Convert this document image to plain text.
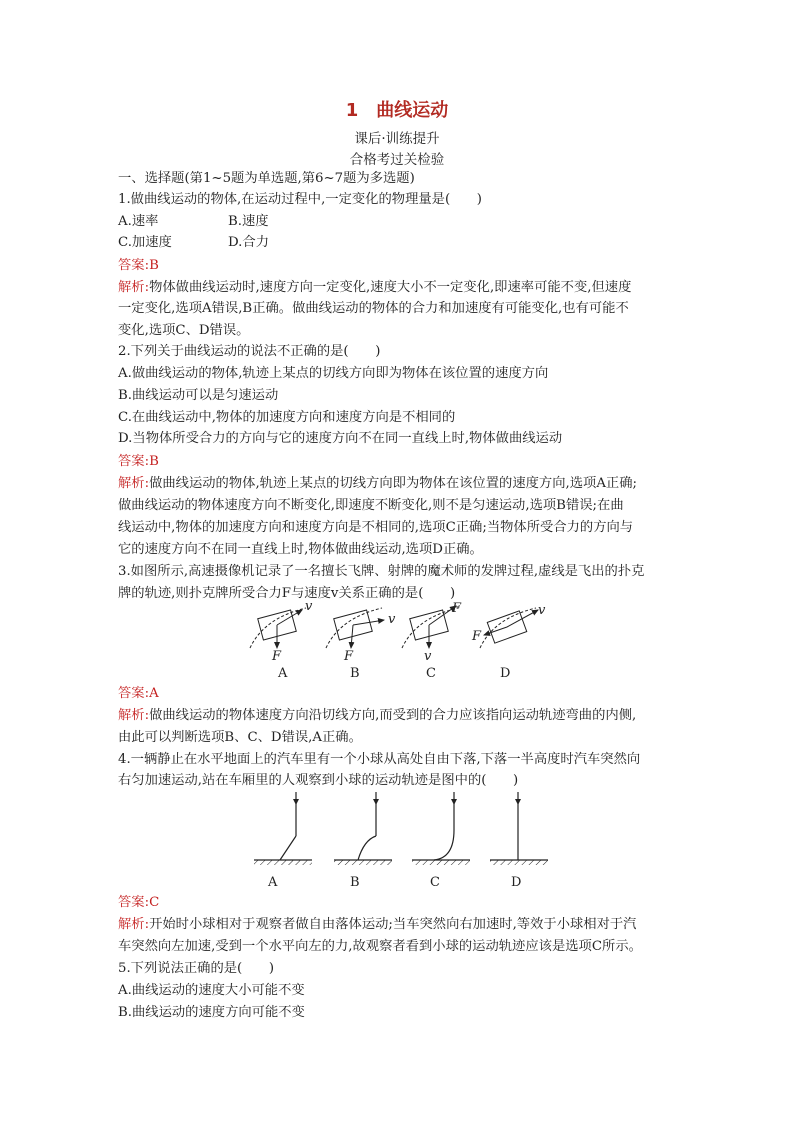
1　曲线运动
课后·训练提升
合格考过关检验
一、选择题(第1~5题为单选题,第6~7题为多选题)
1.做曲线运动的物体,在运动过程中,一定变化的物理量是(　　)
A.速率	B.速度
C.加速度	D.合力
答案:B
解析:物体做曲线运动时,速度方向一定变化,速度大小不一定变化,即速率可能不变,但速度
一定变化,选项A错误,B正确。做曲线运动的物体的合力和加速度有可能变化,也有可能不
变化,选项C、D错误。
2.下列关于曲线运动的说法不正确的是(　　)
A.做曲线运动的物体,轨迹上某点的切线方向即为物体在该位置的速度方向
B.曲线运动可以是匀速运动
C.在曲线运动中,物体的加速度方向和速度方向是不相同的
D.当物体所受合力的方向与它的速度方向不在同一直线上时,物体做曲线运动
答案:B
解析:做曲线运动的物体,轨迹上某点的切线方向即为物体在该位置的速度方向,选项A正确;
做曲线运动的物体速度方向不断变化,即速度不断变化,则不是匀速运动,选项B错误;在曲
线运动中,物体的加速度方向和速度方向是不相同的,选项C正确;当物体所受合力的方向与
它的速度方向不在同一直线上时,物体做曲线运动,选项D正确。
3.如图所示,高速摄像机记录了一名擅长飞牌、射牌的魔术师的发牌过程,虚线是飞出的扑克
牌的轨迹,则扑克牌所受合力F与速度v关系正确的是(　　)
v
F
v
F
F
v
v
F
A	B	C	D
答案:A
解析:做曲线运动的物体速度方向沿切线方向,而受到的合力应该指向运动轨迹弯曲的内侧,
由此可以判断选项B、C、D错误,A正确。
4.一辆静止在水平地面上的汽车里有一个小球从高处自由下落,下落一半高度时汽车突然向
右匀加速运动,站在车厢里的人观察到小球的运动轨迹是图中的(　　)
A	B	C	D
答案:C
解析:开始时小球相对于观察者做自由落体运动;当车突然向右加速时,等效于小球相对于汽
车突然向左加速,受到一个水平向左的力,故观察者看到小球的运动轨迹应该是选项C所示。
5.下列说法正确的是(　　)
A.曲线运动的速度大小可能不变
B.曲线运动的速度方向可能不变
